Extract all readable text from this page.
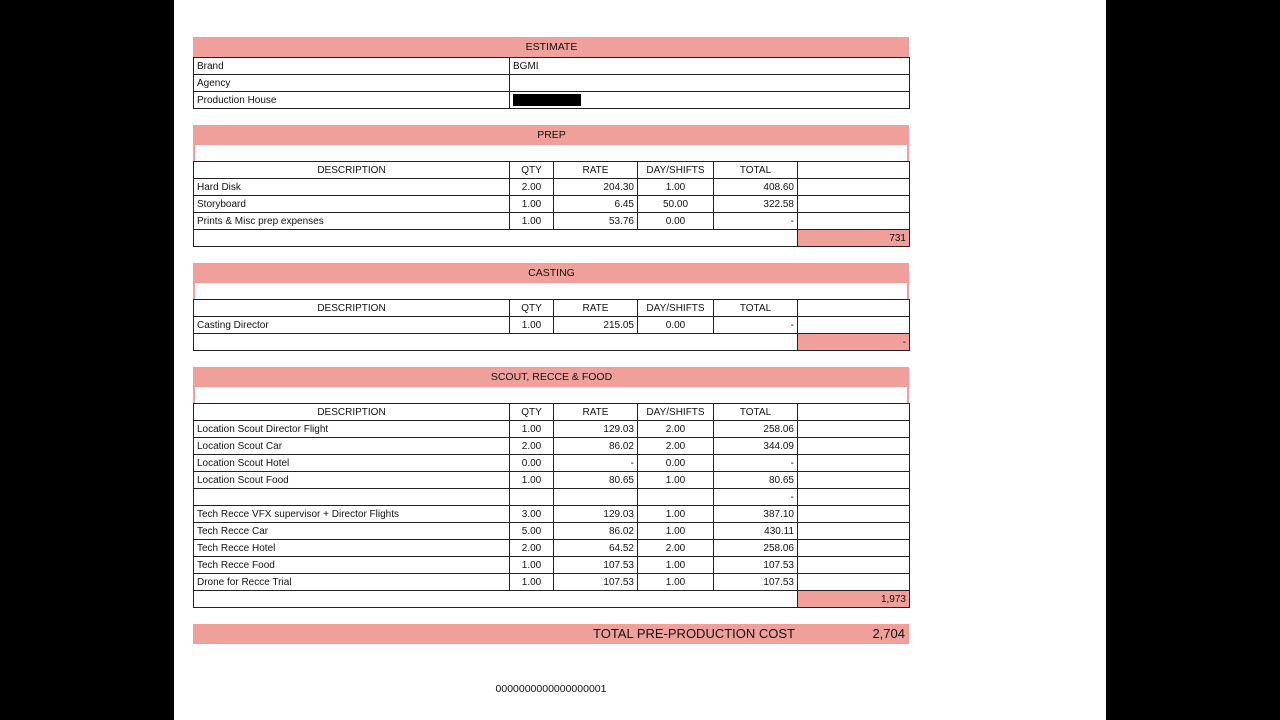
ESTIMATE
Brand	BGMI
Agency	
Production House	
PREP
DESCRIPTION	QTY	RATE	DAY/SHIFTS	TOTAL	
Hard Disk	2.00	204.30	1.00	408.60	
Storyboard	1.00	6.45	50.00	322.58	
Prints & Misc prep expenses	1.00	53.76	0.00	-	
					731
CASTING
DESCRIPTION	QTY	RATE	DAY/SHIFTS	TOTAL	
Casting Director	1.00	215.05	0.00	-	
					-
SCOUT, RECCE & FOOD
DESCRIPTION	QTY	RATE	DAY/SHIFTS	TOTAL	
Location Scout Director Flight	1.00	129.03	2.00	258.06	
Location Scout Car	2.00	86.02	2.00	344.09	
Location Scout Hotel	0.00	-	0.00	-	
Location Scout Food	1.00	80.65	1.00	80.65	
				-	
Tech Recce VFX supervisor + Director Flights	3.00	129.03	1.00	387.10	
Tech Recce Car	5.00	86.02	1.00	430.11	
Tech Recce Hotel	2.00	64.52	2.00	258.06	
Tech Recce Food	1.00	107.53	1.00	107.53	
Drone for Recce Trial	1.00	107.53	1.00	107.53	
					1,973
TOTAL PRE-PRODUCTION COST	2,704
0000000000000000001
